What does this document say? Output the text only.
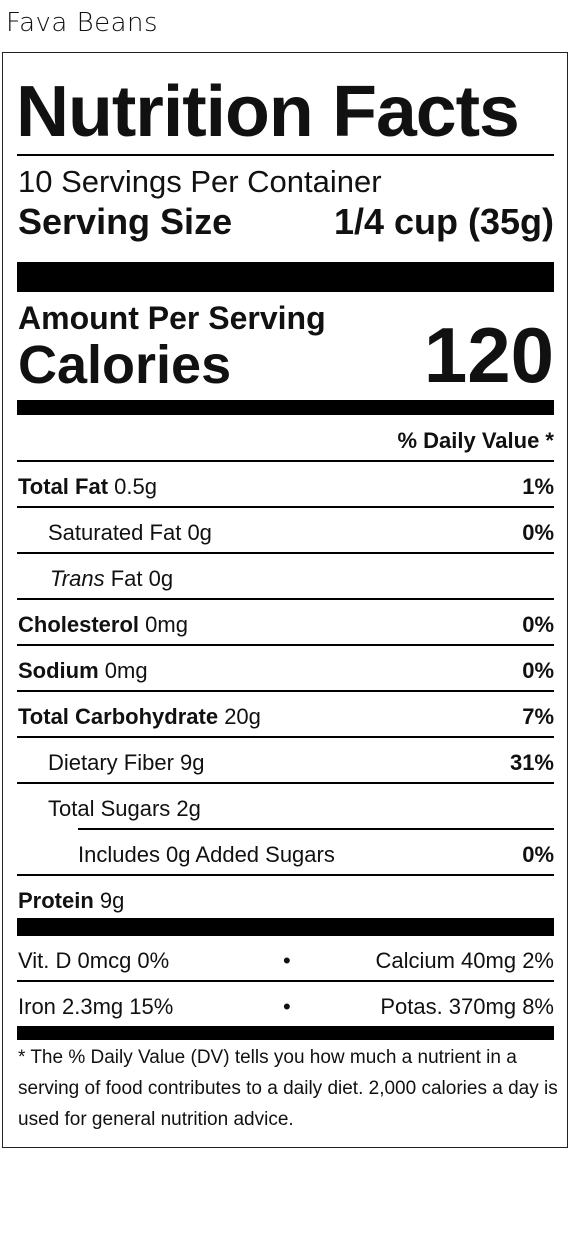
Fava Beans
Nutrition Facts
10 Servings Per Container
Serving Size	1/4 cup (35g)
Amount Per Serving
Calories 120
% Daily Value *
Total Fat 0.5g	1%
Saturated Fat 0g	0%
Trans Fat 0g
Cholesterol 0mg	0%
Sodium 0mg	0%
Total Carbohydrate 20g	7%
Dietary Fiber 9g	31%
Total Sugars 2g
Includes 0g Added Sugars	0%
Protein 9g
Vit. D 0mcg 0%	•	Calcium 40mg 2%
Iron 2.3mg 15%	•	Potas. 370mg 8%
* The % Daily Value (DV) tells you how much a nutrient in a serving of food contributes to a daily diet. 2,000 calories a day is used for general nutrition advice.
